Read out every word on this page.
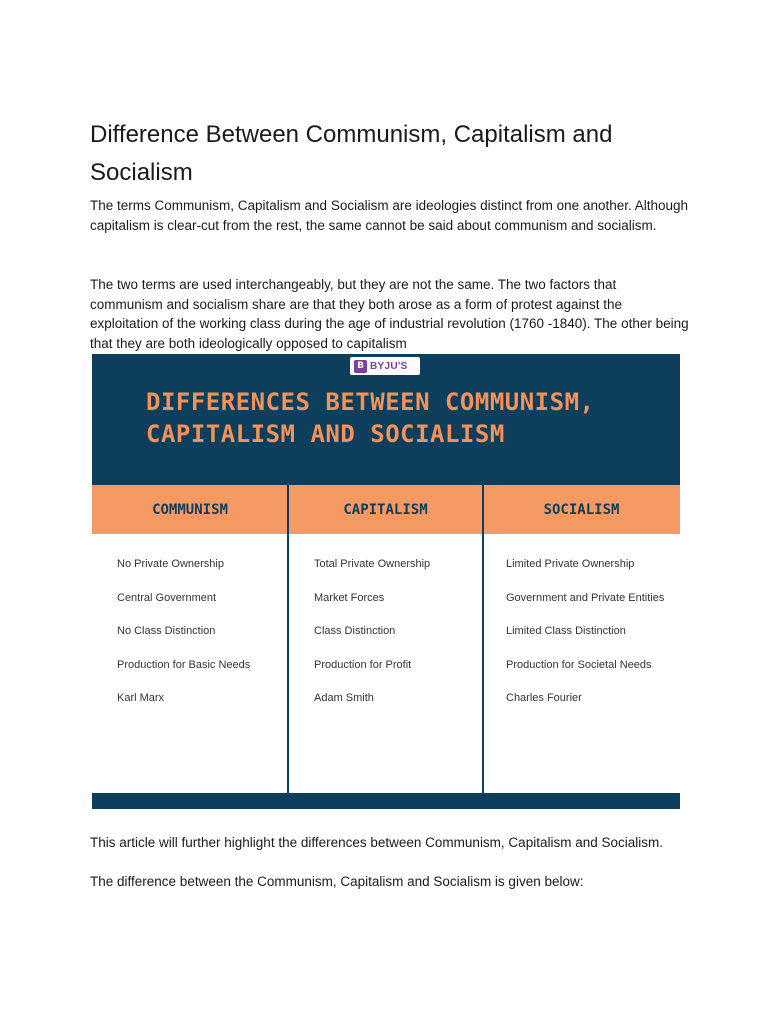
Difference Between Communism, Capitalism and Socialism

The terms Communism, Capitalism and Socialism are ideologies distinct from one another. Although capitalism is clear-cut from the rest, the same cannot be said about communism and socialism.

The two terms are used interchangeably, but they are not the same. The two factors that communism and socialism share are that they both arose as a form of protest against the exploitation of the working class during the age of industrial revolution (1760 -1840). The other being that they are both ideologically opposed to capitalism

B BYJU'S
DIFFERENCES BETWEEN COMMUNISM,
CAPITALISM AND SOCIALISM
COMMUNISM	CAPITALISM	SOCIALISM
No Private Ownership
Central Government
No Class Distinction
Production for Basic Needs
Karl Marx
Total Private Ownership
Market Forces
Class Distinction
Production for Profit
Adam Smith
Limited Private Ownership
Government and Private Entities
Limited Class Distinction
Production for Societal Needs
Charles Fourier

This article will further highlight the differences between Communism, Capitalism and Socialism.

The difference between the Communism, Capitalism and Socialism is given below:
